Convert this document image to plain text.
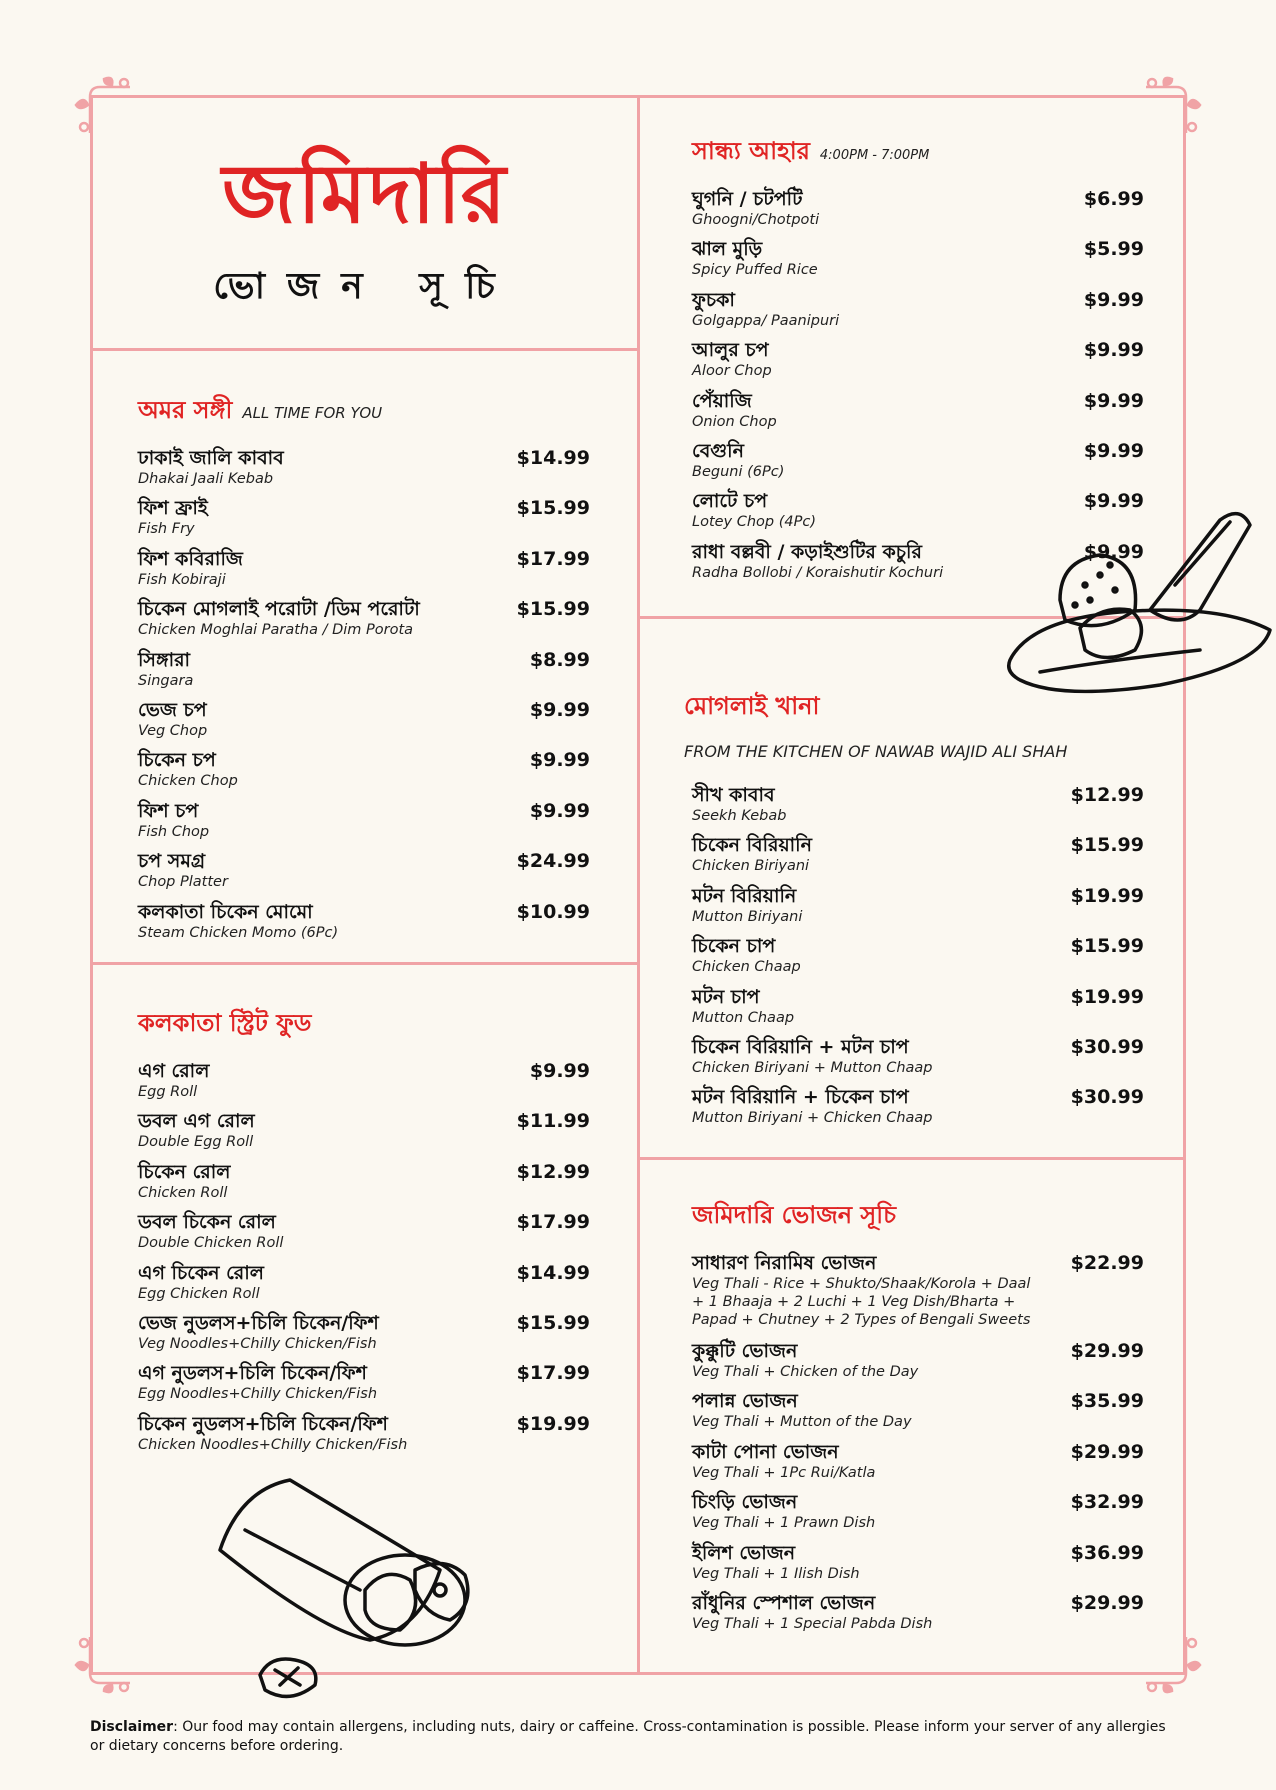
জমিদারি
ভোজন সূচি
অমর সঙ্গী ALL TIME FOR YOU
ঢাকাই জালি কাবাব
Dhakai Jaali Kebab
$14.99
ফিশ ফ্রাই
Fish Fry
$15.99
ফিশ কবিরাজি
Fish Kobiraji
$17.99
চিকেন মোগলাই পরোটা /ডিম পরোটা
Chicken Moghlai Paratha / Dim Porota
$15.99
সিঙ্গারা
Singara
$8.99
ভেজ চপ
Veg Chop
$9.99
চিকেন চপ
Chicken Chop
$9.99
ফিশ চপ
Fish Chop
$9.99
চপ সমগ্র
Chop Platter
$24.99
কলকাতা চিকেন মোমো
Steam Chicken Momo (6Pc)
$10.99
কলকাতা স্ট্রিট ফুড
এগ রোল
Egg Roll
$9.99
ডবল এগ রোল
Double Egg Roll
$11.99
চিকেন রোল
Chicken Roll
$12.99
ডবল চিকেন রোল
Double Chicken Roll
$17.99
এগ চিকেন রোল
Egg Chicken Roll
$14.99
ভেজ নুডলস+চিলি চিকেন/ফিশ
Veg Noodles+Chilly Chicken/Fish
$15.99
এগ নুডলস+চিলি চিকেন/ফিশ
Egg Noodles+Chilly Chicken/Fish
$17.99
চিকেন নুডলস+চিলি চিকেন/ফিশ
Chicken Noodles+Chilly Chicken/Fish
$19.99
সান্ধ্য আহার 4:00PM - 7:00PM
ঘুগনি / চটপটি
Ghoogni/Chotpoti
$6.99
ঝাল মুড়ি
Spicy Puffed Rice
$5.99
ফুচকা
Golgappa/ Paanipuri
$9.99
আলুর চপ
Aloor Chop
$9.99
পেঁয়াজি
Onion Chop
$9.99
বেগুনি
Beguni (6Pc)
$9.99
লোটে চপ
Lotey Chop (4Pc)
$9.99
রাধা বল্লবী / কড়াইশুটির কচুরি
Radha Bollobi / Koraishutir Kochuri
$9.99
মোগলাই খানা
FROM THE KITCHEN OF NAWAB WAJID ALI SHAH
সীখ কাবাব
Seekh Kebab
$12.99
চিকেন বিরিয়ানি
Chicken Biriyani
$15.99
মটন বিরিয়ানি
Mutton Biriyani
$19.99
চিকেন চাপ
Chicken Chaap
$15.99
মটন চাপ
Mutton Chaap
$19.99
চিকেন বিরিয়ানি + মটন চাপ
Chicken Biriyani + Mutton Chaap
$30.99
মটন বিরিয়ানি + চিকেন চাপ
Mutton Biriyani + Chicken Chaap
$30.99
জমিদারি ভোজন সূচি
সাধারণ নিরামিষ ভোজন
Veg Thali - Rice + Shukto/Shaak/Korola + Daal + 1 Bhaaja + 2 Luchi + 1 Veg Dish/Bharta + Papad + Chutney + 2 Types of Bengali Sweets
$22.99
কুক্কুটি ভোজন
Veg Thali + Chicken of the Day
$29.99
পলান্ন ভোজন
Veg Thali + Mutton of the Day
$35.99
কাটা পোনা ভোজন
Veg Thali + 1Pc Rui/Katla
$29.99
চিংড়ি ভোজন
Veg Thali + 1 Prawn Dish
$32.99
ইলিশ ভোজন
Veg Thali + 1 Ilish Dish
$36.99
রাঁধুনির স্পেশাল ভোজন
Veg Thali + 1 Special Pabda Dish
$29.99
Disclaimer: Our food may contain allergens, including nuts, dairy or caffeine. Cross-contamination is possible. Please inform your server of any allergies or dietary concerns before ordering.
